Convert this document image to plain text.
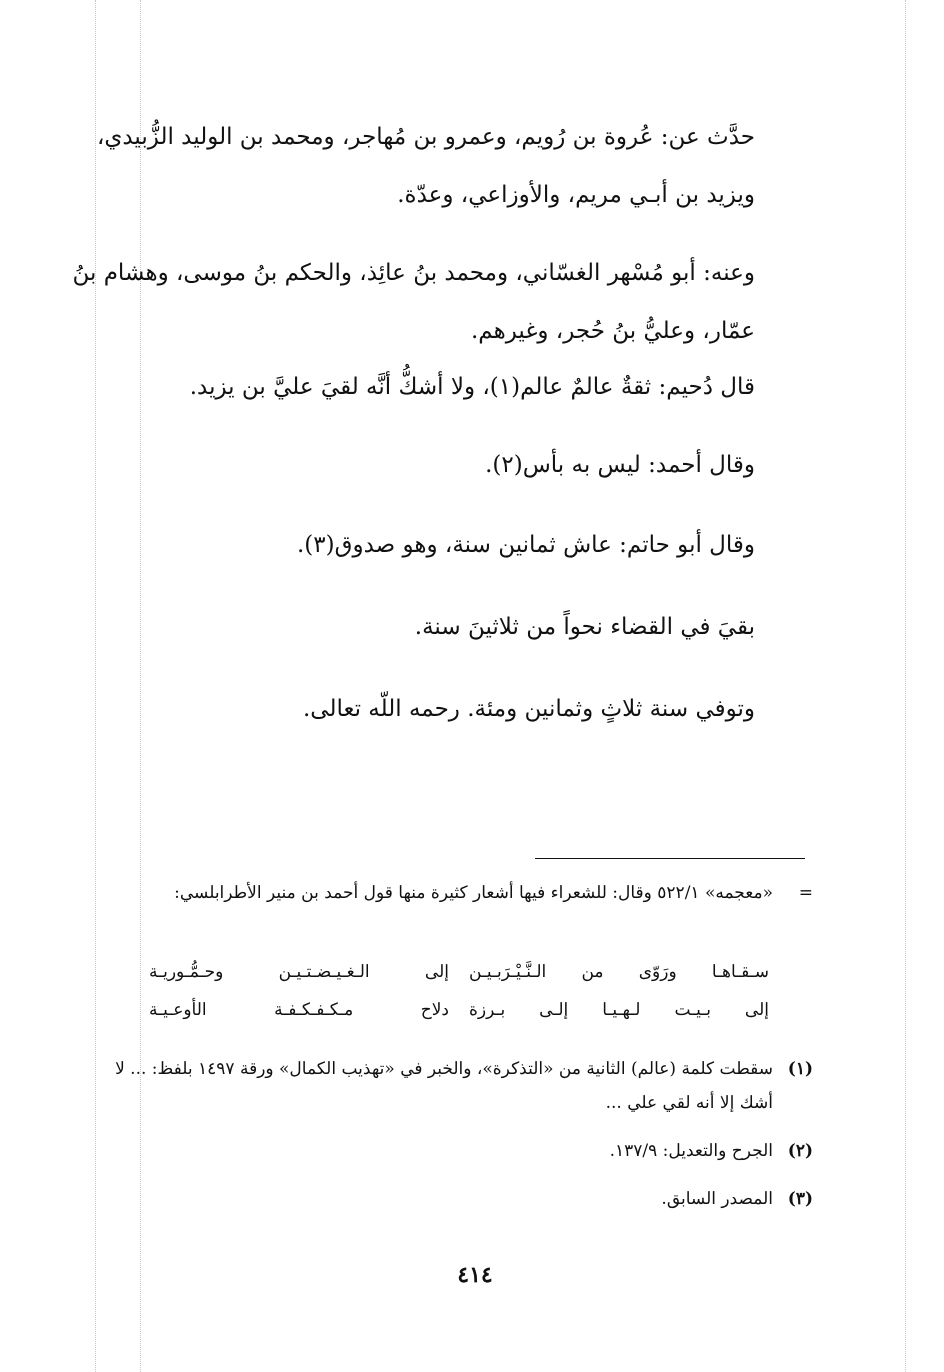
حدَّث عن: عُروة بن رُويم، وعمرو بن مُهاجر، ومحمد بن الوليد الزُّبيدي، ويزيد بن أبـي مريم، والأوزاعي، وعدّة.

وعنه: أبو مُسْهر الغسّاني، ومحمد بنُ عائِذ، والحكم بنُ موسى، وهشام بنُ عمّار، وعليُّ بنُ حُجر، وغيرهم.

قال دُحيم: ثقةٌ عالمٌ عالم(١)، ولا أشكُّ أنَّه لقيَ عليَّ بن يزيد.

وقال أحمد: ليس به بأس(٢).

وقال أبو حاتم: عاش ثمانين سنة، وهو صدوق(٣).

بقيَ في القضاء نحواً من ثلاثينَ سنة.

وتوفي سنة ثلاثٍ وثمانين ومئة. رحمه اللّه تعالى.

=«معجمه» ٥٢٢/١ وقال: للشعراء فيها أشعار كثيرة منها قول أحمد بن منير الأطرابلسي:
سـقـاهـا ورَوّى من الـنَّـيْـرَبـيـن
إلى الـغـيـضـتـيـن وحـمُّـوريـة
إلى بـيـت لـهـيـا إلـى بـرزة
دلاح مـكـفـكـفـة الأوعـيـة
(١)سقطت كلمة (عالم) الثانية من «التذكرة»، والخبر في «تهذيب الكمال» ورقة ١٤٩٧ بلفظ: ... لا أشك إلا أنه لقي علي ...
(٢)الجرح والتعديل: ١٣٧/٩.
(٣)المصدر السابق.
٤١٤
